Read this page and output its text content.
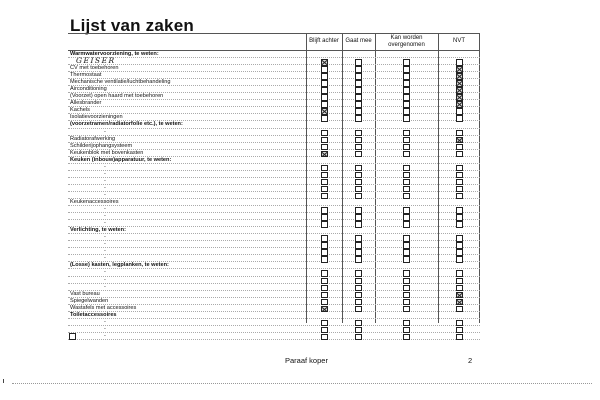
Lijst van zaken
Blijft achter	Gaat mee
Kan worden overgenomen
NVT
Warmwatervoorziening, te weten:
GEISER
CV met toebehoren
Thermostaat
Mechanische ventilatie/luchtbehandeling
Airconditioning
(Voorzet) open haard met toebehoren
Allesbrander
Kachels
Isolatievoorzieningen
(voorzetramen/radiatorfolie etc.), te weten:
-
Radiatorafwerking
Schilderijophangsysteem
Keukenblok met bovenkasten
Keuken (inbouw)apparatuur, te weten:
-
-
-
-
-
Keukenaccessoires
-
-
-
Verlichting, te weten:
-
-
-
-
(Losse) kasten, legplanken, te weten:
-
-
-
Vast bureau
Spiegelwanden
Wastafels met accessoires
Toiletaccessoires
-
-
-
Paraaf koper	2
